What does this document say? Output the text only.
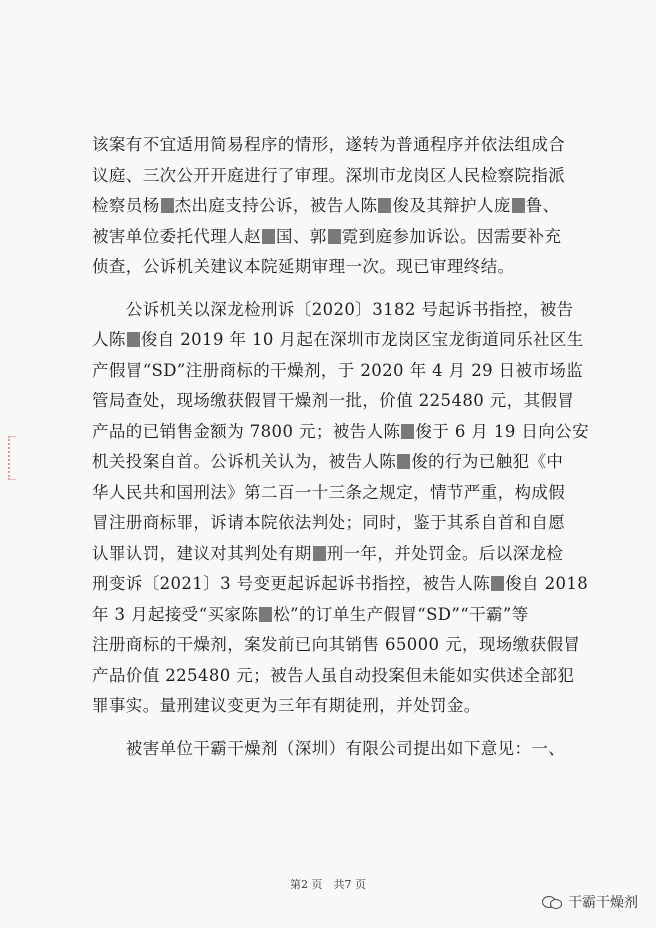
该案有不宜适用简易程序的情形，遂转为普通程序并依法组成合
议庭、三次公开开庭进行了审理。深圳市龙岗区人民检察院指派
检察员杨 杰出庭支持公诉，被告人陈 俊及其辩护人庞 鲁、
被害单位委托代理人赵 国、郭 霓到庭参加诉讼。因需要补充
侦查，公诉机关建议本院延期审理一次。现已审理终结。
　　公诉机关以深龙检刑诉〔2020〕3182 号起诉书指控，被告
人陈 俊自 2019 年 10 月起在深圳市龙岗区宝龙街道同乐社区生
产假冒“SD”注册商标的干燥剂，于 2020 年 4 月 29 日被市场监
管局查处，现场缴获假冒干燥剂一批，价值 225480 元，其假冒
产品的已销售金额为 7800 元；被告人陈 俊于 6 月 19 日向公安
机关投案自首。公诉机关认为，被告人陈 俊的行为已触犯《中
华人民共和国刑法》第二百一十三条之规定，情节严重，构成假
冒注册商标罪，诉请本院依法判处；同时，鉴于其系自首和自愿
认罪认罚，建议对其判处有期 刑一年，并处罚金。后以深龙检
刑变诉〔2021〕3 号变更起诉起诉书指控，被告人陈 俊自 2018
年 3 月起接受“买家陈 松”的订单生产假冒“SD”“干霸”等
注册商标的干燥剂，案发前已向其销售 65000 元，现场缴获假冒
产品价值 225480 元；被告人虽自动投案但未能如实供述全部犯
罪事实。量刑建议变更为三年有期徒刑，并处罚金。
　　被害单位干霸干燥剂（深圳）有限公司提出如下意见：一、
第2 页　共7 页
干霸干燥剂
